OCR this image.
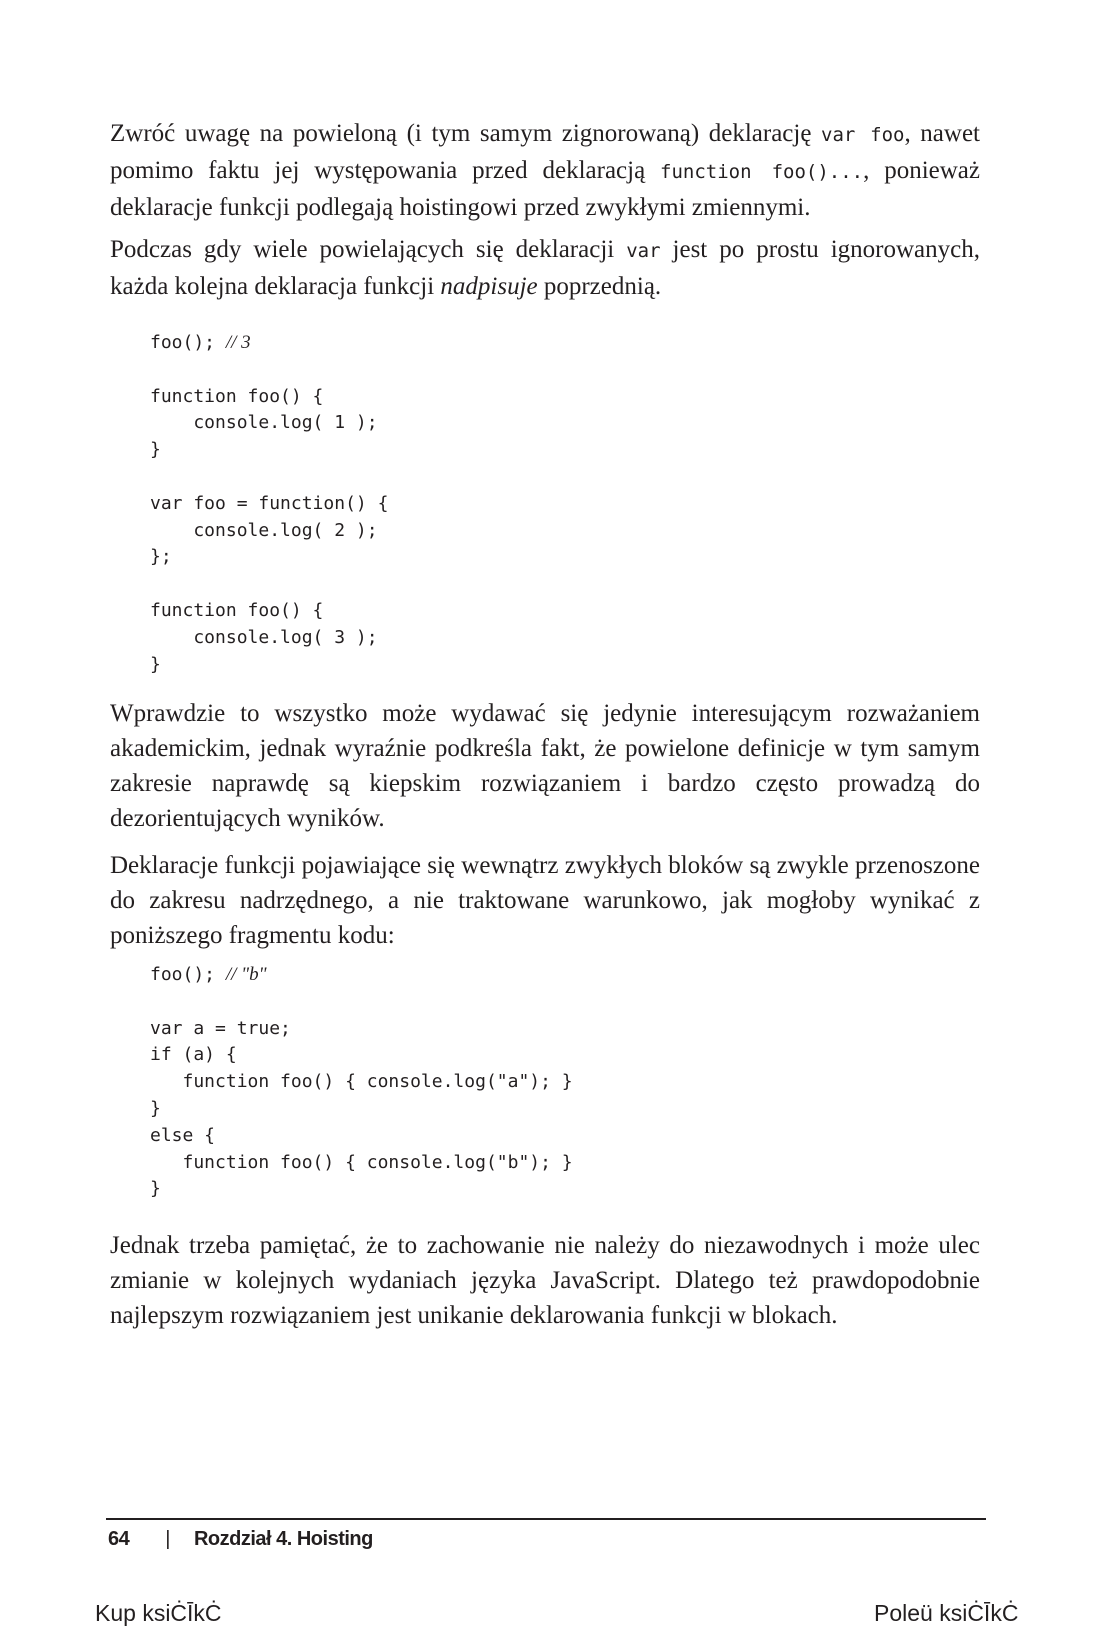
Zwróć uwagę na powieloną (i tym samym zignorowaną) deklarację var foo, nawet pomimo faktu jej występowania przed deklaracją function foo()..., ponieważ deklaracje funkcji podlegają hoistingowi przed zwykłymi zmiennymi.

Podczas gdy wiele powielających się deklaracji var jest po prostu ignorowanych, każda kolejna deklaracja funkcji nadpisuje poprzednią.

foo(); // 3

function foo() {
console.log( 1 );
}

var foo = function() {
console.log( 2 );
};

function foo() {
console.log( 3 );
}

Wprawdzie to wszystko może wydawać się jedynie interesującym rozważaniem akademickim, jednak wyraźnie podkreśla fakt, że powielone definicje w tym samym zakresie naprawdę są kiepskim rozwiązaniem i bardzo często prowadzą do dezorientujących wyników.

Deklaracje funkcji pojawiające się wewnątrz zwykłych bloków są zwykle przenoszone do zakresu nadrzędnego, a nie traktowane warunkowo, jak mogłoby wynikać z poniższego fragmentu kodu:

foo(); // "b"

var a = true;
if (a) {
function foo() { console.log("a"); }
}
else {
function foo() { console.log("b"); }
}

Jednak trzeba pamiętać, że to zachowanie nie należy do niezawodnych i może ulec zmianie w kolejnych wydaniach języka JavaScript. Dlatego też prawdopodobnie najlepszym rozwiązaniem jest unikanie deklarowania funkcji w blokach.

64 | Rozdział 4. Hoisting
Kup ksiĊĪkĊ	Poleü ksiĊĪkĊ
